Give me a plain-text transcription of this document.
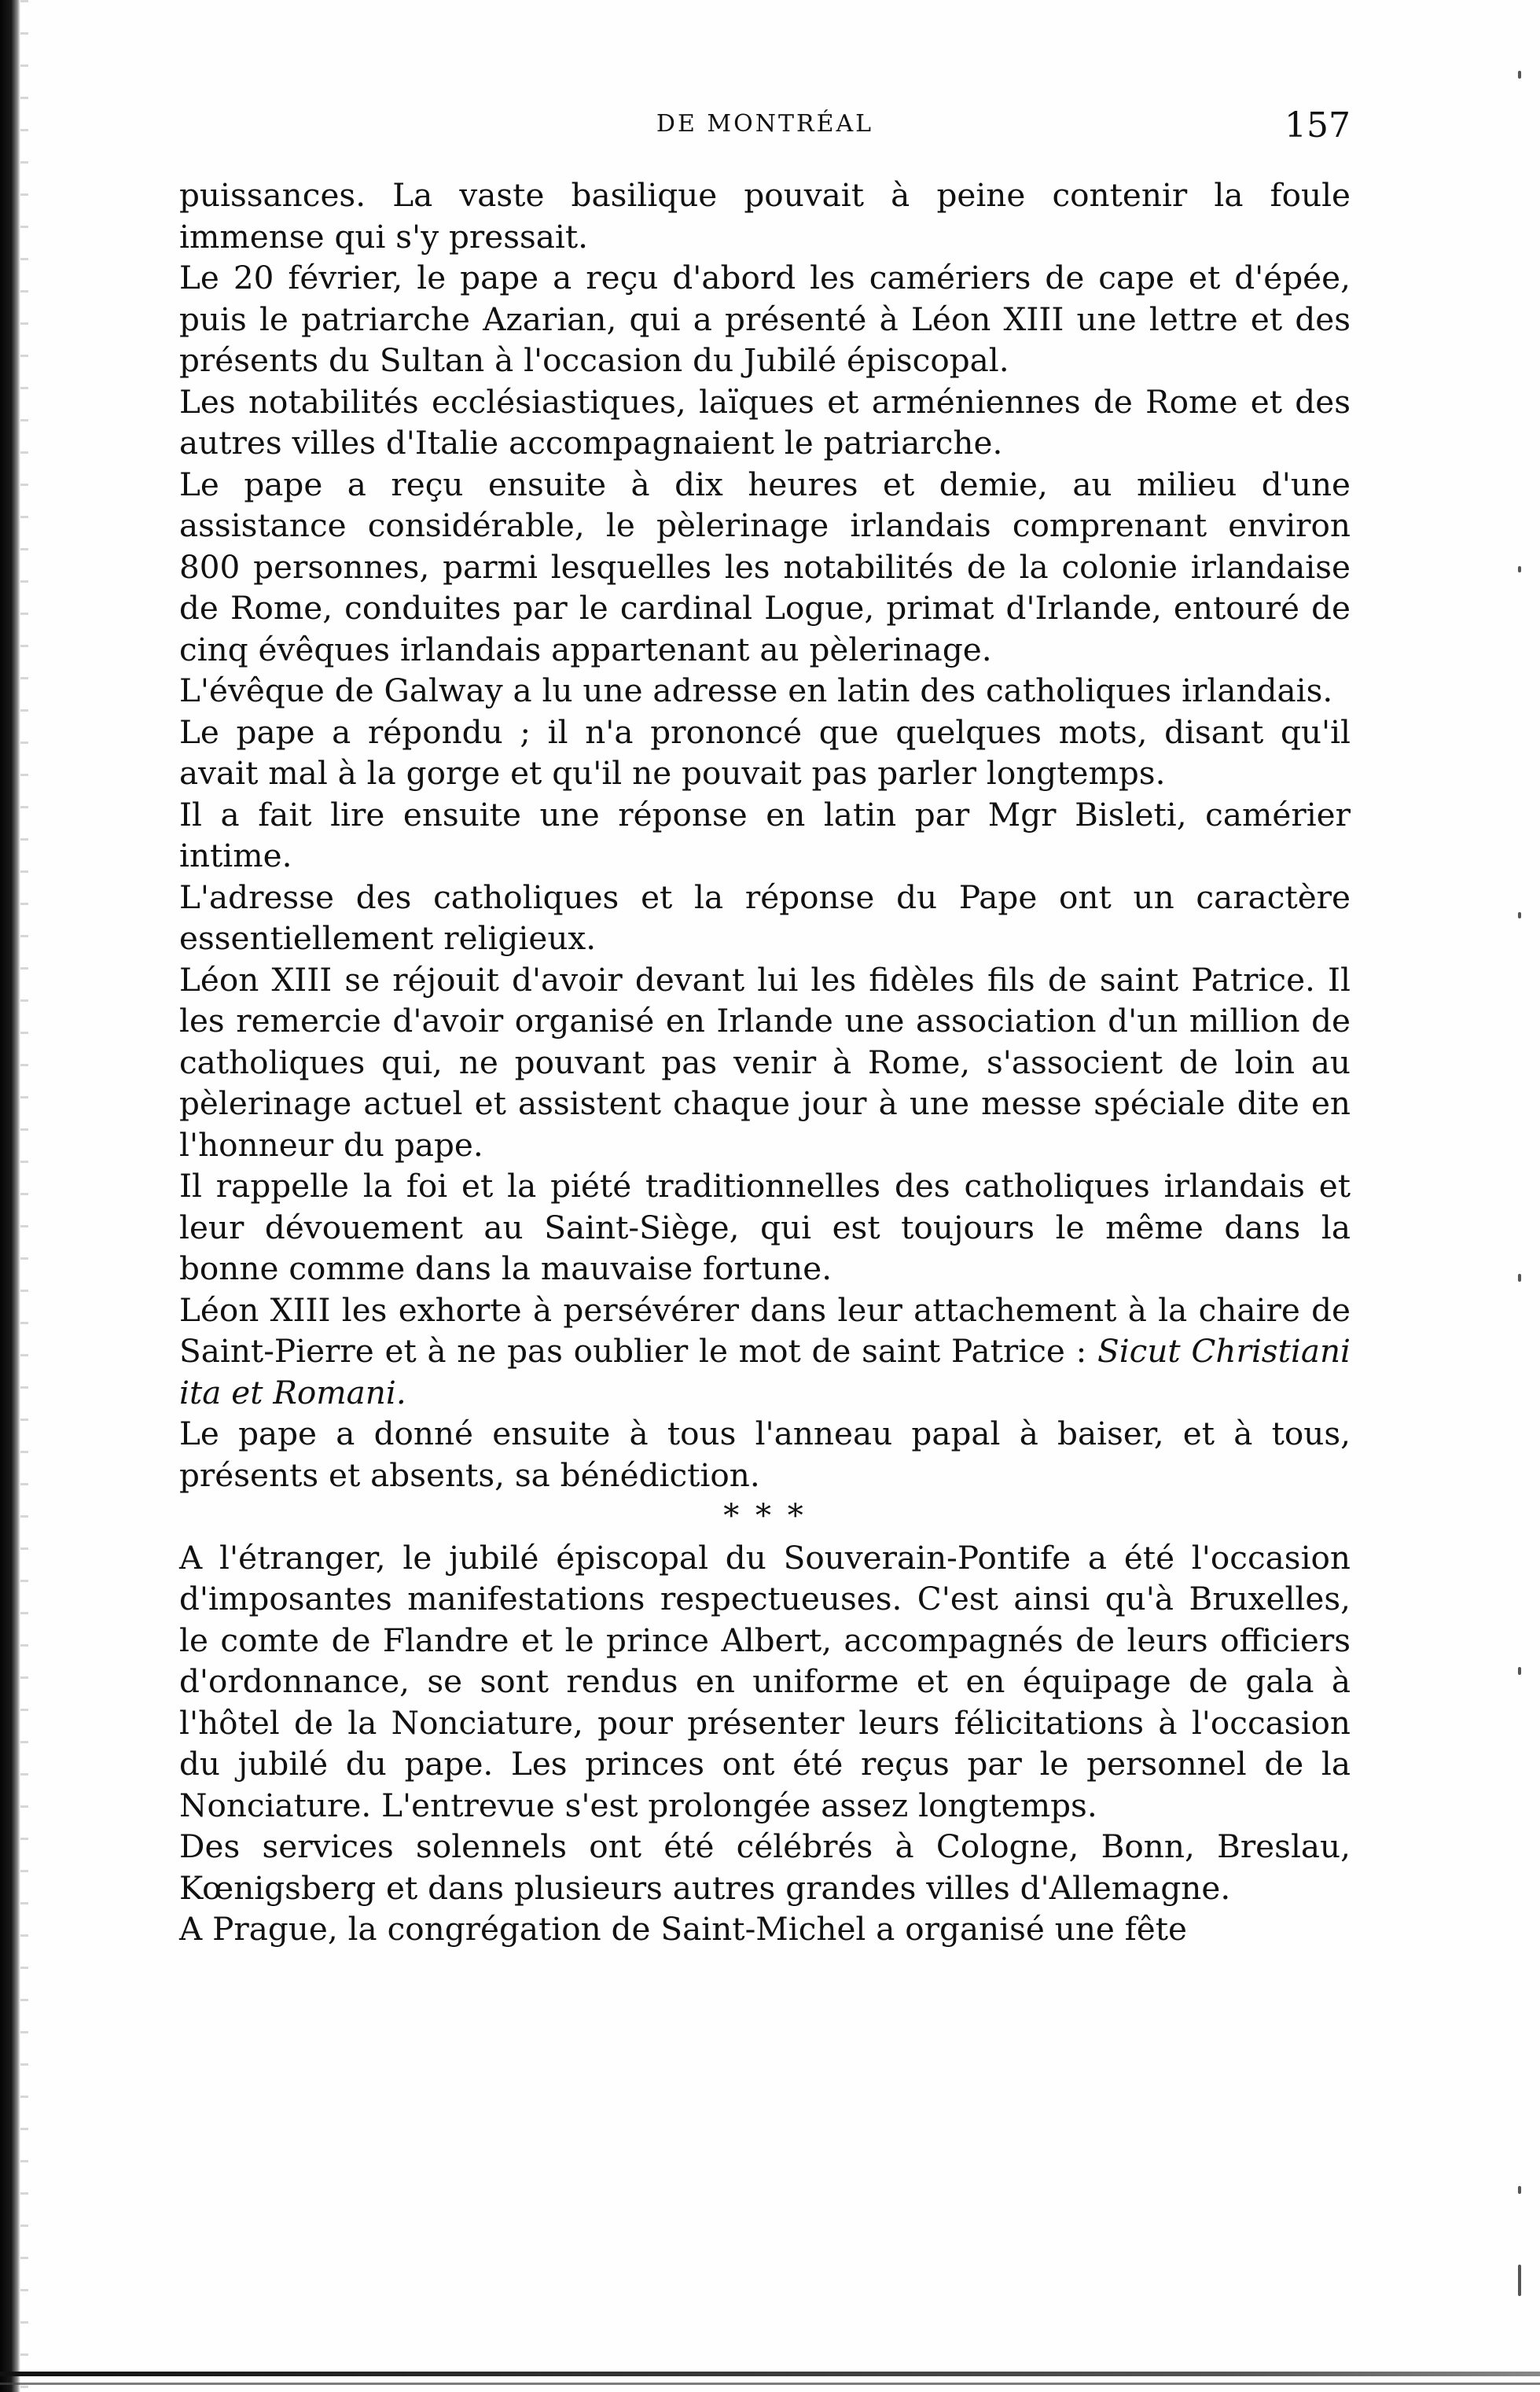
DE MONTRÉAL	157

puissances. La vaste basilique pouvait à peine contenir la foule immense qui s'y pressait.

Le 20 février, le pape a reçu d'abord les camériers de cape et d'épée, puis le patriarche Azarian, qui a présenté à Léon XIII une lettre et des présents du Sultan à l'occasion du Jubilé épiscopal.

Les notabilités ecclésiastiques, laïques et arméniennes de Rome et des autres villes d'Italie accompagnaient le patriarche.

Le pape a reçu ensuite à dix heures et demie, au milieu d'une assistance considérable, le pèlerinage irlandais comprenant environ 800 personnes, parmi lesquelles les notabilités de la colonie irlandaise de Rome, conduites par le cardinal Logue, primat d'Irlande, entouré de cinq évêques irlandais appartenant au pèlerinage.

L'évêque de Galway a lu une adresse en latin des catholiques irlandais.

Le pape a répondu ; il n'a prononcé que quelques mots, disant qu'il avait mal à la gorge et qu'il ne pouvait pas parler longtemps.

Il a fait lire ensuite une réponse en latin par Mgr Bisleti, camérier intime.

L'adresse des catholiques et la réponse du Pape ont un caractère essentiellement religieux.

Léon XIII se réjouit d'avoir devant lui les fidèles fils de saint Patrice. Il les remercie d'avoir organisé en Irlande une association d'un million de catholiques qui, ne pouvant pas venir à Rome, s'associent de loin au pèlerinage actuel et assistent chaque jour à une messe spéciale dite en l'honneur du pape.

Il rappelle la foi et la piété traditionnelles des catholiques irlandais et leur dévouement au Saint-Siège, qui est toujours le même dans la bonne comme dans la mauvaise fortune.

Léon XIII les exhorte à persévérer dans leur attachement à la chaire de Saint-Pierre et à ne pas oublier le mot de saint Patrice : Sicut Christiani ita et Romani.

Le pape a donné ensuite à tous l'anneau papal à baiser, et à tous, présents et absents, sa bénédiction.

* * *

A l'étranger, le jubilé épiscopal du Souverain-Pontife a été l'occasion d'imposantes manifestations respectueuses. C'est ainsi qu'à Bruxelles, le comte de Flandre et le prince Albert, accompagnés de leurs officiers d'ordonnance, se sont rendus en uniforme et en équipage de gala à l'hôtel de la Nonciature, pour présenter leurs félicitations à l'occasion du jubilé du pape. Les princes ont été reçus par le personnel de la Nonciature. L'entrevue s'est prolongée assez longtemps.

Des services solennels ont été célébrés à Cologne, Bonn, Breslau, Kœnigsberg et dans plusieurs autres grandes villes d'Allemagne.

A Prague, la congrégation de Saint-Michel a organisé une fête
